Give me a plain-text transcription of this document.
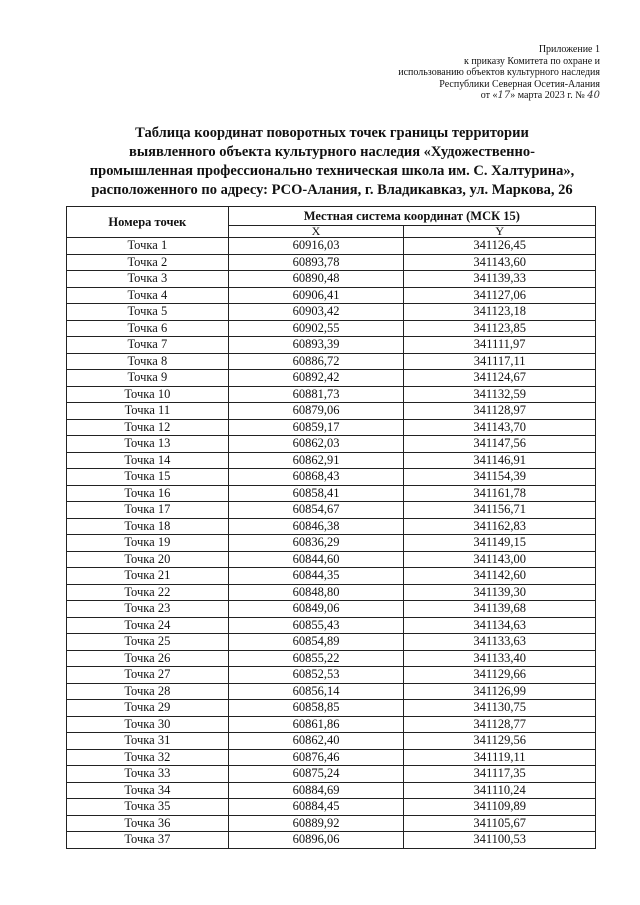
Приложение 1
к приказу Комитета по охране и
использованию объектов культурного наследия
Республики Северная Осетия-Алания
от «17» марта 2023 г. № 40
Таблица координат поворотных точек границы территории
выявленного объекта культурного наследия «Художественно-
промышленная профессионально техническая школа им. С. Халтурина»,
расположенного по адресу: РСО-Алания, г. Владикавказ, ул. Маркова, 26
Номера точек	Местная система координат (МСК 15)	
	X	Y
Точка 1	60916,03	341126,45
Точка 2	60893,78	341143,60
Точка 3	60890,48	341139,33
Точка 4	60906,41	341127,06
Точка 5	60903,42	341123,18
Точка 6	60902,55	341123,85
Точка 7	60893,39	341111,97
Точка 8	60886,72	341117,11
Точка 9	60892,42	341124,67
Точка 10	60881,73	341132,59
Точка 11	60879,06	341128,97
Точка 12	60859,17	341143,70
Точка 13	60862,03	341147,56
Точка 14	60862,91	341146,91
Точка 15	60868,43	341154,39
Точка 16	60858,41	341161,78
Точка 17	60854,67	341156,71
Точка 18	60846,38	341162,83
Точка 19	60836,29	341149,15
Точка 20	60844,60	341143,00
Точка 21	60844,35	341142,60
Точка 22	60848,80	341139,30
Точка 23	60849,06	341139,68
Точка 24	60855,43	341134,63
Точка 25	60854,89	341133,63
Точка 26	60855,22	341133,40
Точка 27	60852,53	341129,66
Точка 28	60856,14	341126,99
Точка 29	60858,85	341130,75
Точка 30	60861,86	341128,77
Точка 31	60862,40	341129,56
Точка 32	60876,46	341119,11
Точка 33	60875,24	341117,35
Точка 34	60884,69	341110,24
Точка 35	60884,45	341109,89
Точка 36	60889,92	341105,67
Точка 37	60896,06	341100,53
